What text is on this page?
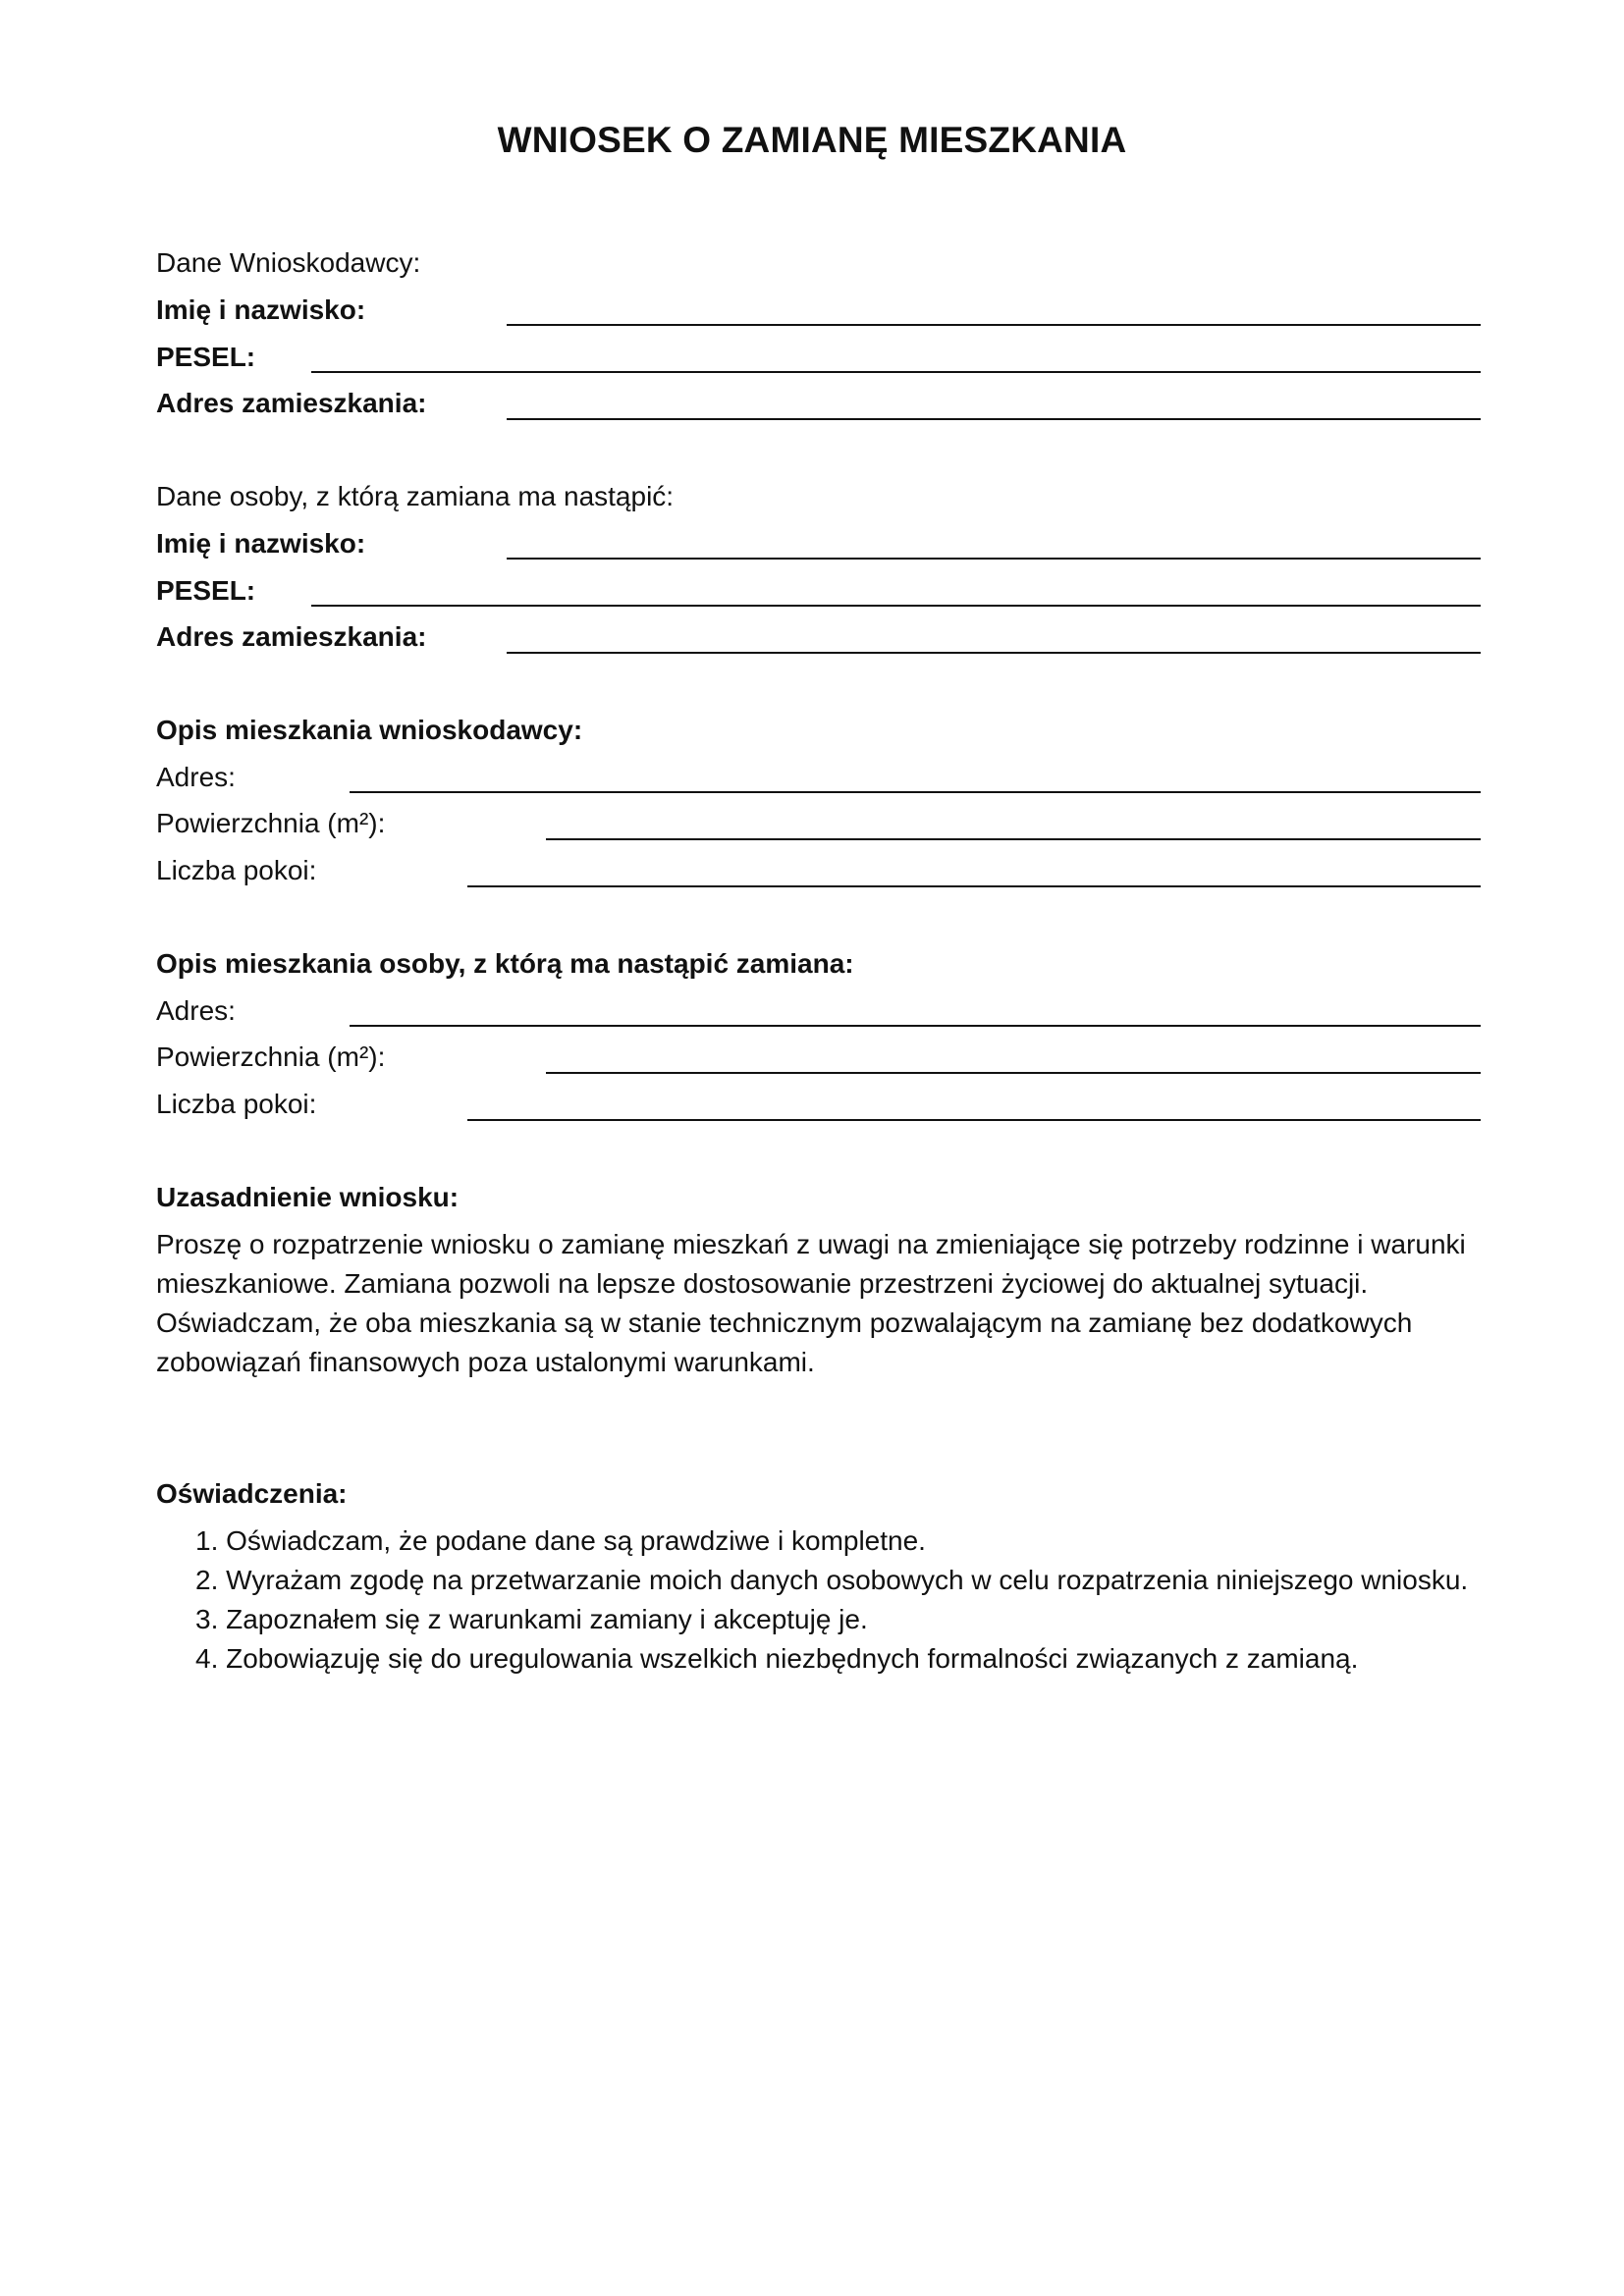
WNIOSEK O ZAMIANĘ MIESZKANIA
Dane Wnioskodawcy:
Imię i nazwisko:
PESEL:
Adres zamieszkania:
Dane osoby, z którą zamiana ma nastąpić:
Imię i nazwisko:
PESEL:
Adres zamieszkania:
Opis mieszkania wnioskodawcy:
Adres:
Powierzchnia (m²):
Liczba pokoi:
Opis mieszkania osoby, z którą ma nastąpić zamiana:
Adres:
Powierzchnia (m²):
Liczba pokoi:
Uzasadnienie wniosku:

Proszę o rozpatrzenie wniosku o zamianę mieszkań z uwagi na zmieniające się potrzeby rodzinne i warunki

mieszkaniowe. Zamiana pozwoli na lepsze dostosowanie przestrzeni życiowej do aktualnej sytuacji.

Oświadczam, że oba mieszkania są w stanie technicznym pozwalającym na zamianę bez dodatkowych

zobowiązań finansowych poza ustalonymi warunkami.

Oświadczenia:
1. Oświadczam, że podane dane są prawdziwe i kompletne.
2. Wyrażam zgodę na przetwarzanie moich danych osobowych w celu rozpatrzenia niniejszego wniosku.
3. Zapoznałem się z warunkami zamiany i akceptuję je.
4. Zobowiązuję się do uregulowania wszelkich niezbędnych formalności związanych z zamianą.
